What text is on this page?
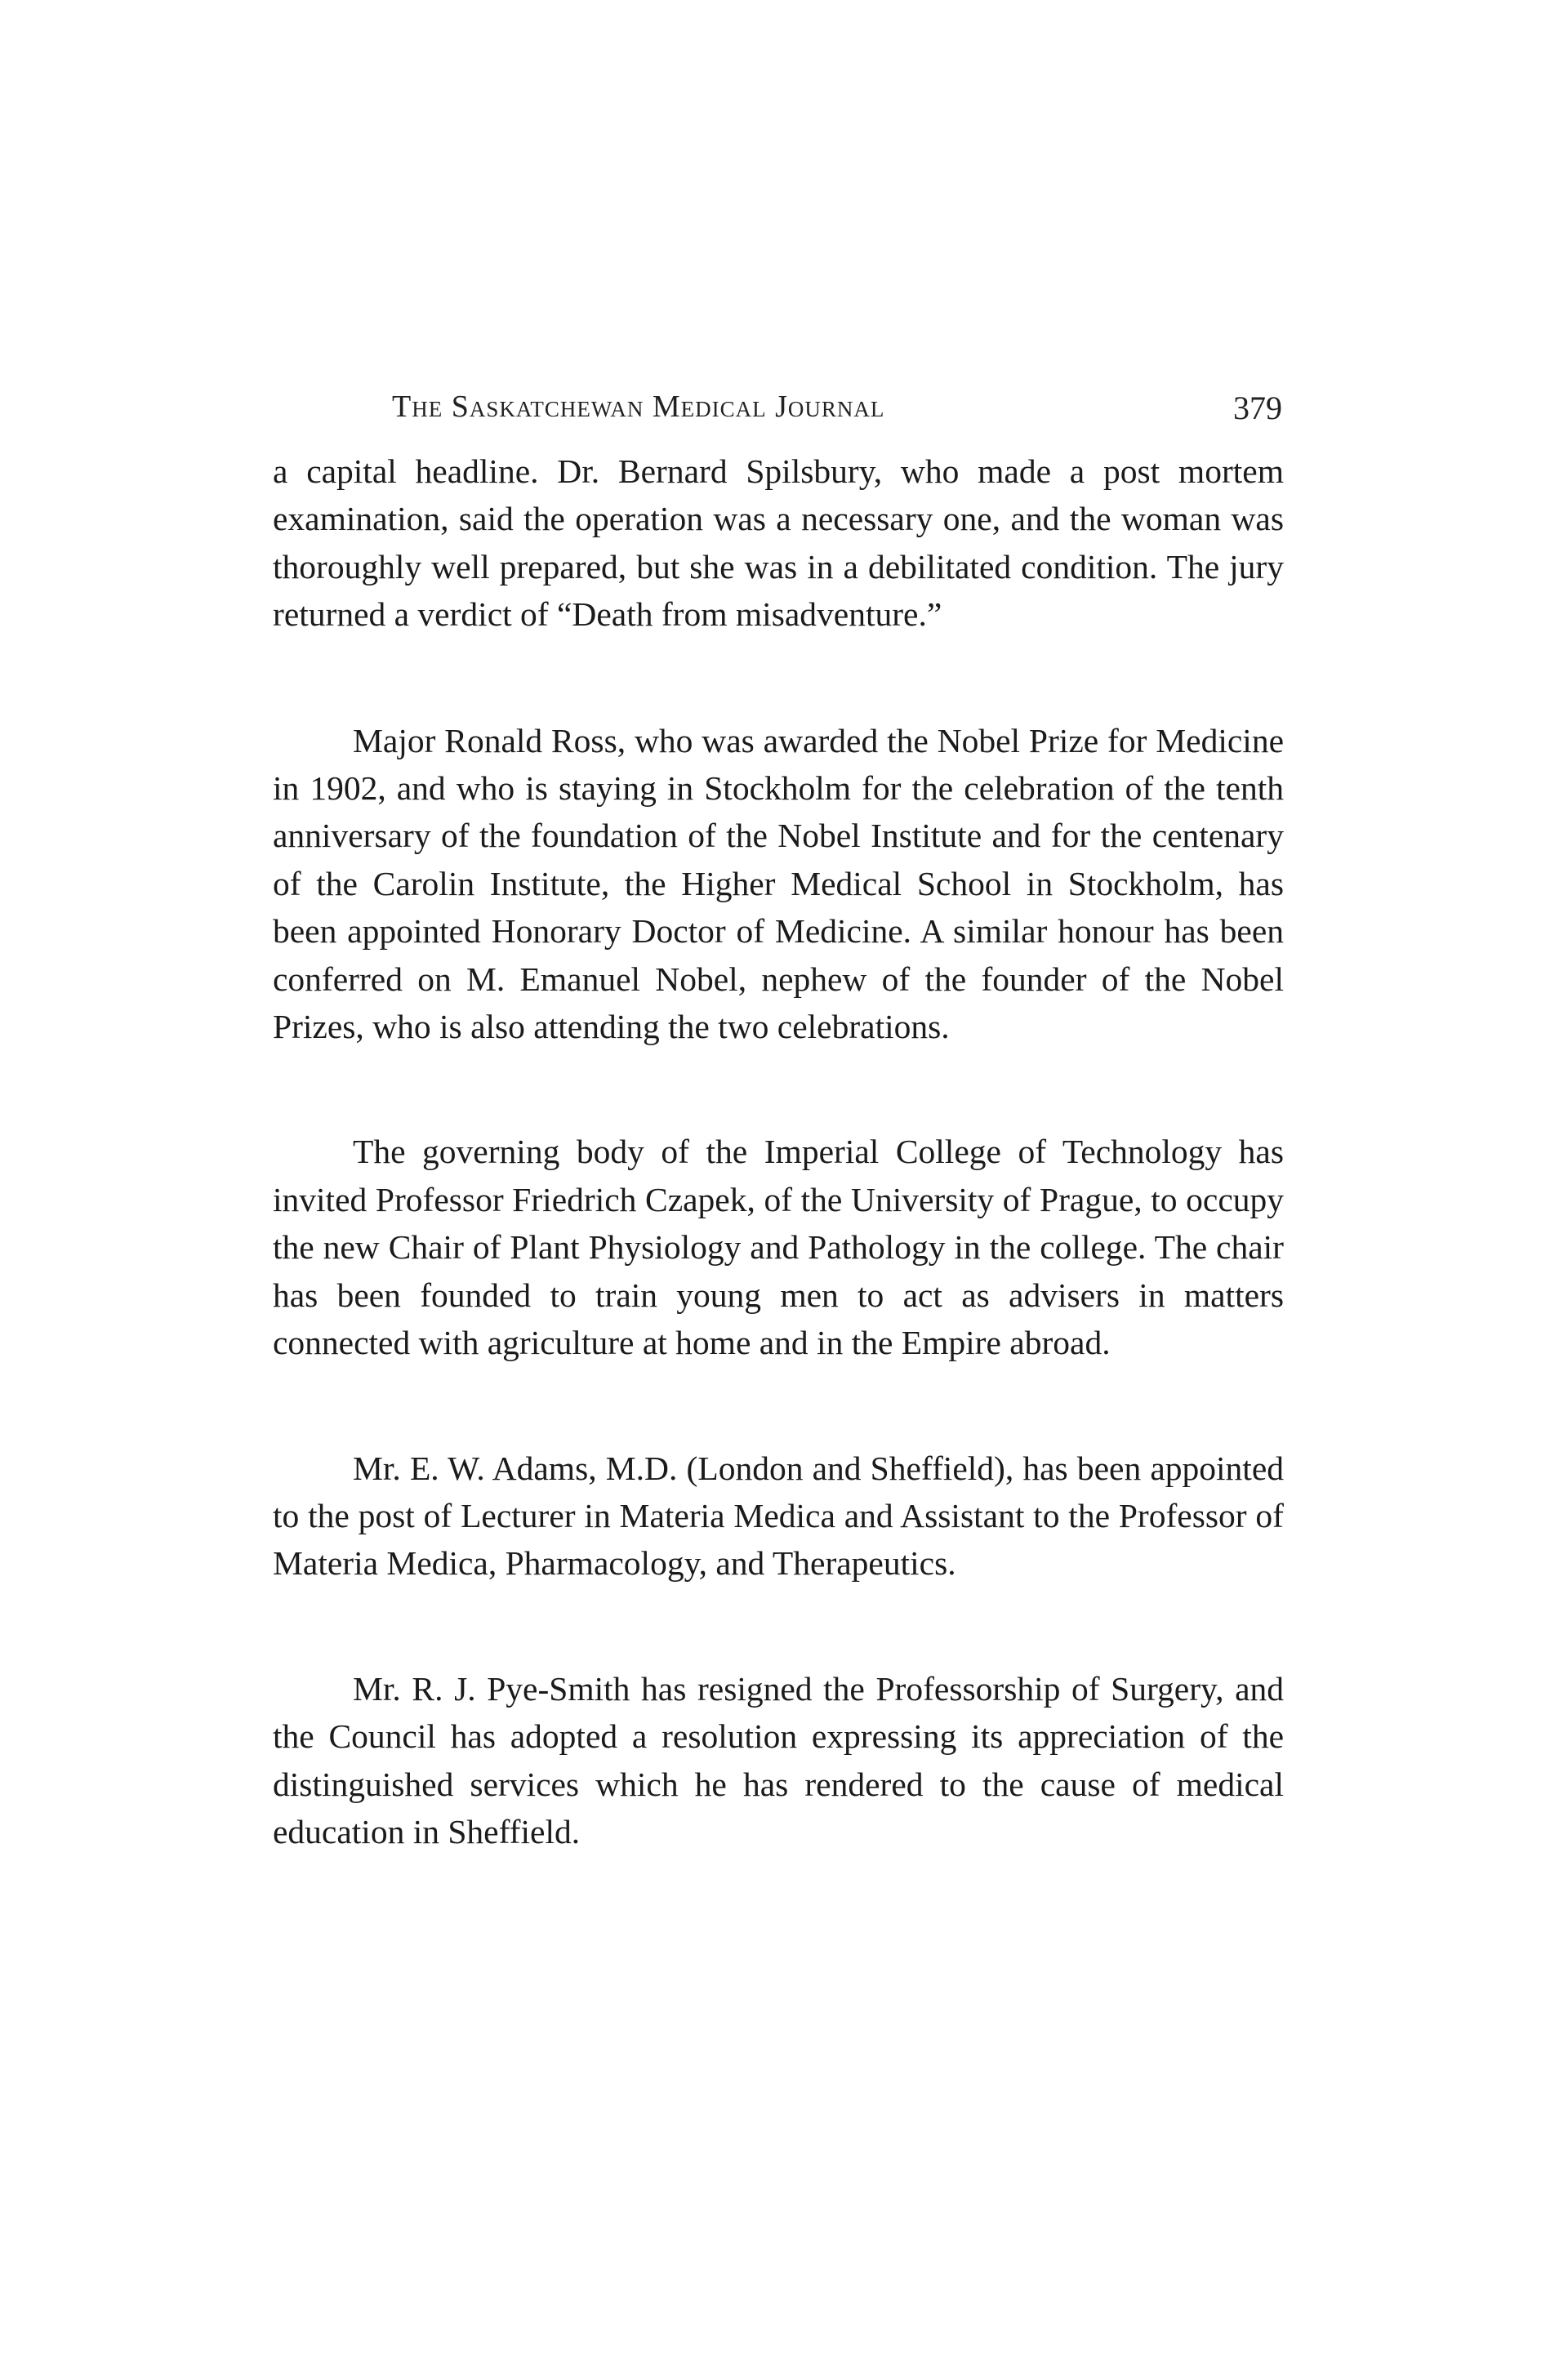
The Saskatchewan Medical Journal	379

a capital headline. Dr. Bernard Spilsbury, who made a post mortem examination, said the operation was a necessary one, and the woman was thoroughly well prepared, but she was in a debilitated condition. The jury returned a verdict of “Death from misadventure.”

Major Ronald Ross, who was awarded the Nobel Prize for Medicine in 1902, and who is staying in Stockholm for the celebration of the tenth anniversary of the foundation of the Nobel Institute and for the centenary of the Carolin Institute, the Higher Medical School in Stockholm, has been appointed Honorary Doctor of Medicine. A similar honour has been conferred on M. Emanuel Nobel, nephew of the founder of the Nobel Prizes, who is also attending the two celebrations.

The governing body of the Imperial College of Technology has invited Professor Friedrich Czapek, of the University of Prague, to occupy the new Chair of Plant Physiology and Pathology in the college. The chair has been founded to train young men to act as advisers in matters connected with agriculture at home and in the Empire abroad.

Mr. E. W. Adams, M.D. (London and Sheffield), has been appointed to the post of Lecturer in Materia Medica and Assistant to the Professor of Materia Medica, Pharmacology, and Therapeutics.

Mr. R. J. Pye-Smith has resigned the Professorship of Surgery, and the Council has adopted a resolution expressing its appreciation of the distinguished services which he has rendered to the cause of medical education in Sheffield.
